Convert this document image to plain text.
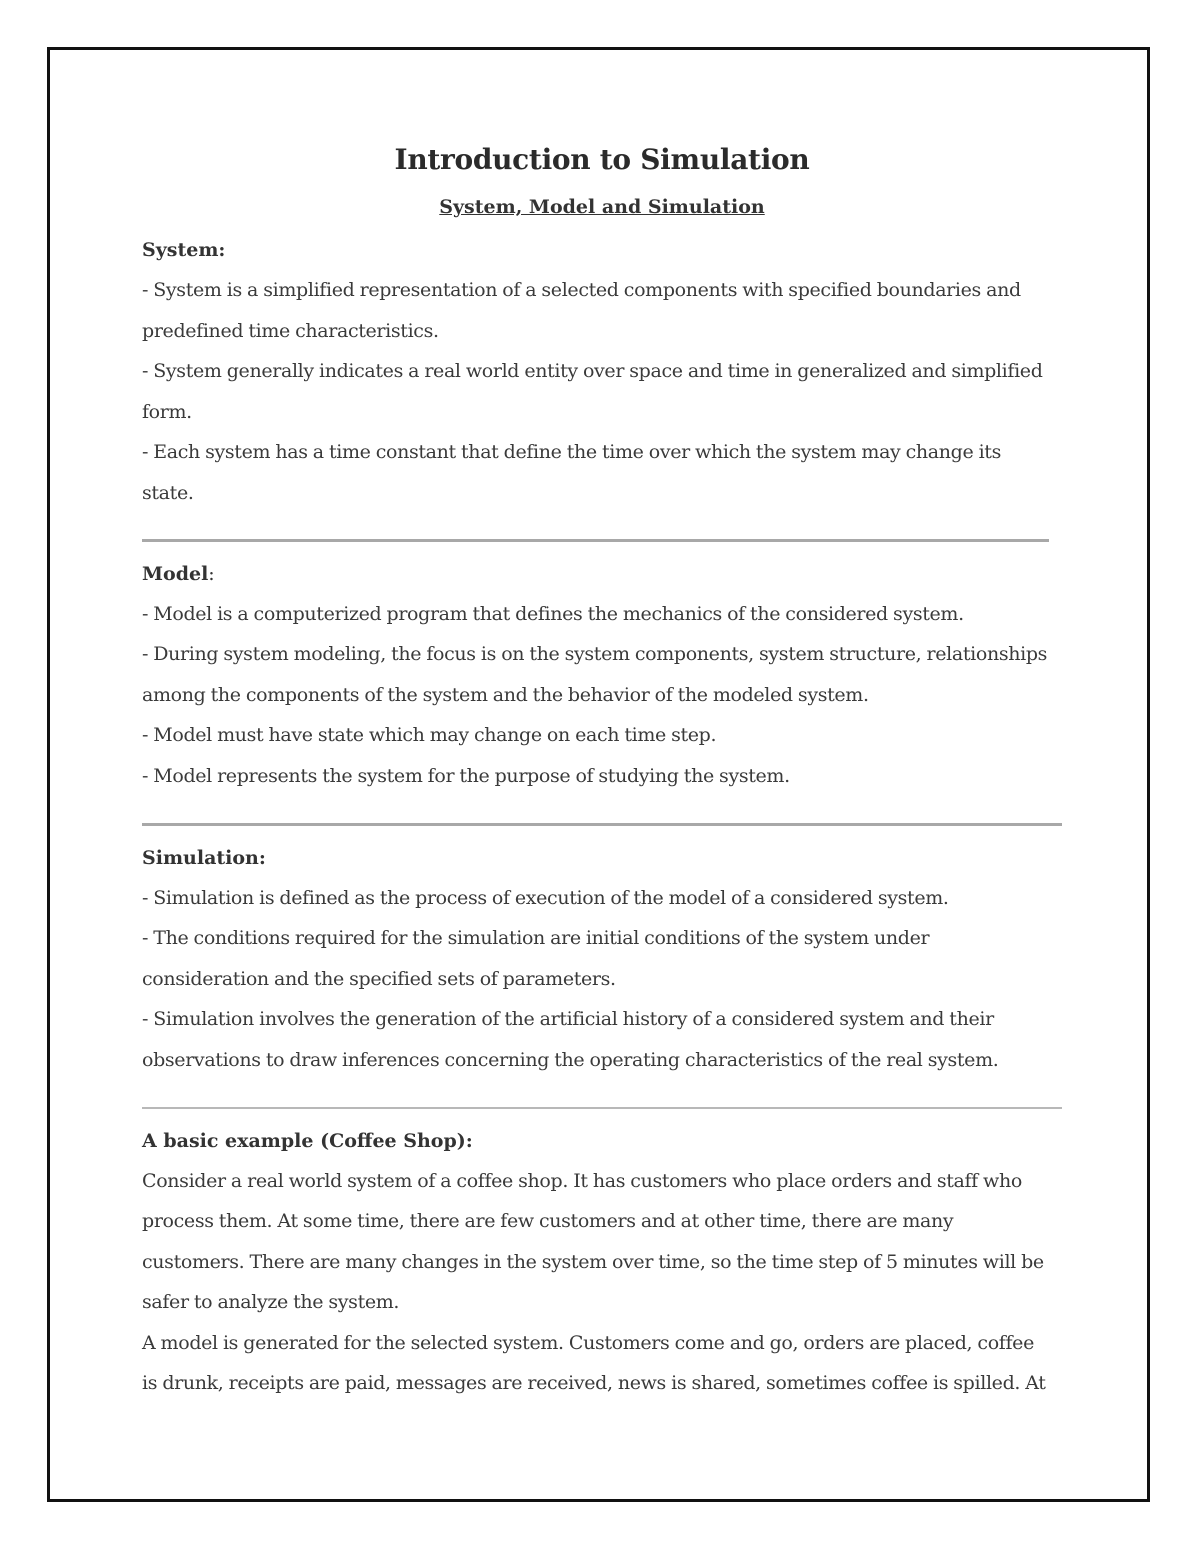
Introduction to Simulation
System, Model and Simulation
System:
- System is a simplified representation of a selected components with specified boundaries and
predefined time characteristics.
- System generally indicates a real world entity over space and time in generalized and simplified
form.
- Each system has a time constant that define the time over which the system may change its
state.
Model:
- Model is a computerized program that defines the mechanics of the considered system.
- During system modeling, the focus is on the system components, system structure, relationships
among the components of the system and the behavior of the modeled system.
- Model must have state which may change on each time step.
- Model represents the system for the purpose of studying the system.
Simulation:
- Simulation is defined as the process of execution of the model of a considered system.
- The conditions required for the simulation are initial conditions of the system under
consideration and the specified sets of parameters.
- Simulation involves the generation of the artificial history of a considered system and their
observations to draw inferences concerning the operating characteristics of the real system.
A basic example (Coffee Shop):
Consider a real world system of a coffee shop. It has customers who place orders and staff who
process them. At some time, there are few customers and at other time, there are many
customers. There are many changes in the system over time, so the time step of 5 minutes will be
safer to analyze the system.
A model is generated for the selected system. Customers come and go, orders are placed, coffee
is drunk, receipts are paid, messages are received, news is shared, sometimes coffee is spilled. At
